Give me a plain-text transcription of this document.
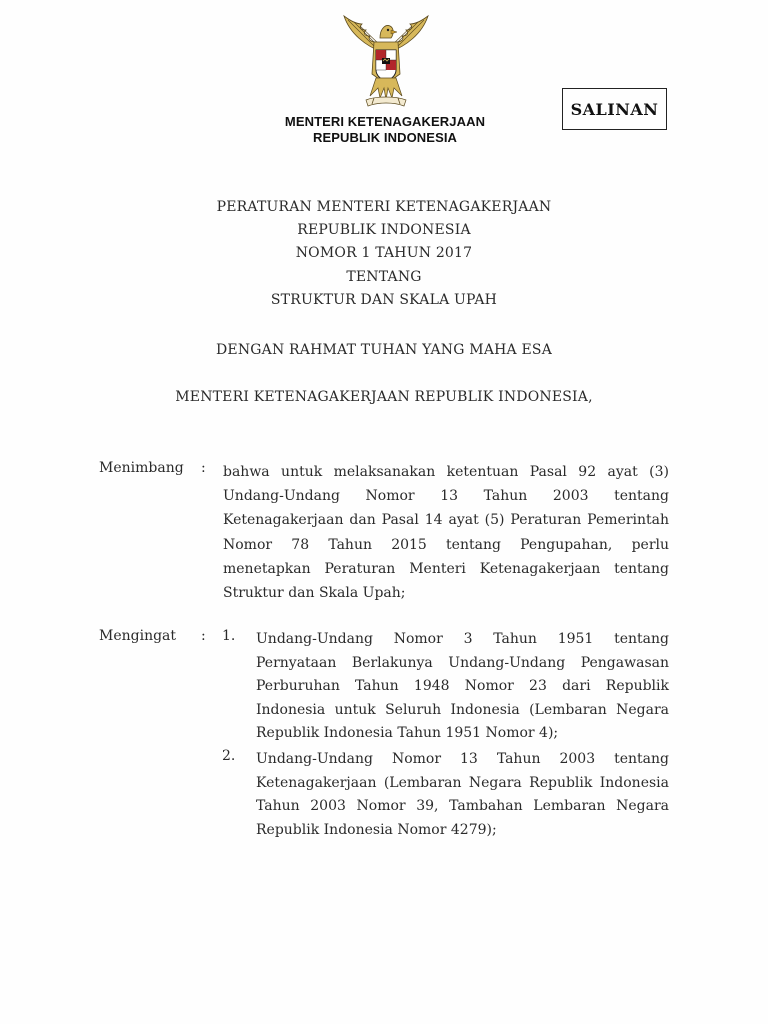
MENTERI KETENAGAKERJAAN
REPUBLIK INDONESIA
SALINAN
PERATURAN MENTERI KETENAGAKERJAAN
REPUBLIK INDONESIA
NOMOR 1 TAHUN 2017
TENTANG
STRUKTUR DAN SKALA UPAH
DENGAN RAHMAT TUHAN YANG MAHA ESA
MENTERI KETENAGAKERJAAN REPUBLIK INDONESIA,
Menimbang : bahwa untuk melaksanakan ketentuan Pasal 92 ayat (3) Undang-Undang Nomor 13 Tahun 2003 tentang Ketenagakerjaan dan Pasal 14 ayat (5) Peraturan Pemerintah Nomor 78 Tahun 2015 tentang Pengupahan, perlu menetapkan Peraturan Menteri Ketenagakerjaan tentang Struktur dan Skala Upah;
Mengingat : 1. Undang-Undang Nomor 3 Tahun 1951 tentang Pernyataan Berlakunya Undang-Undang Pengawasan Perburuhan Tahun 1948 Nomor 23 dari Republik Indonesia untuk Seluruh Indonesia (Lembaran Negara Republik Indonesia Tahun 1951 Nomor 4);
2. Undang-Undang Nomor 13 Tahun 2003 tentang Ketenagakerjaan (Lembaran Negara Republik Indonesia Tahun 2003 Nomor 39, Tambahan Lembaran Negara Republik Indonesia Nomor 4279);
